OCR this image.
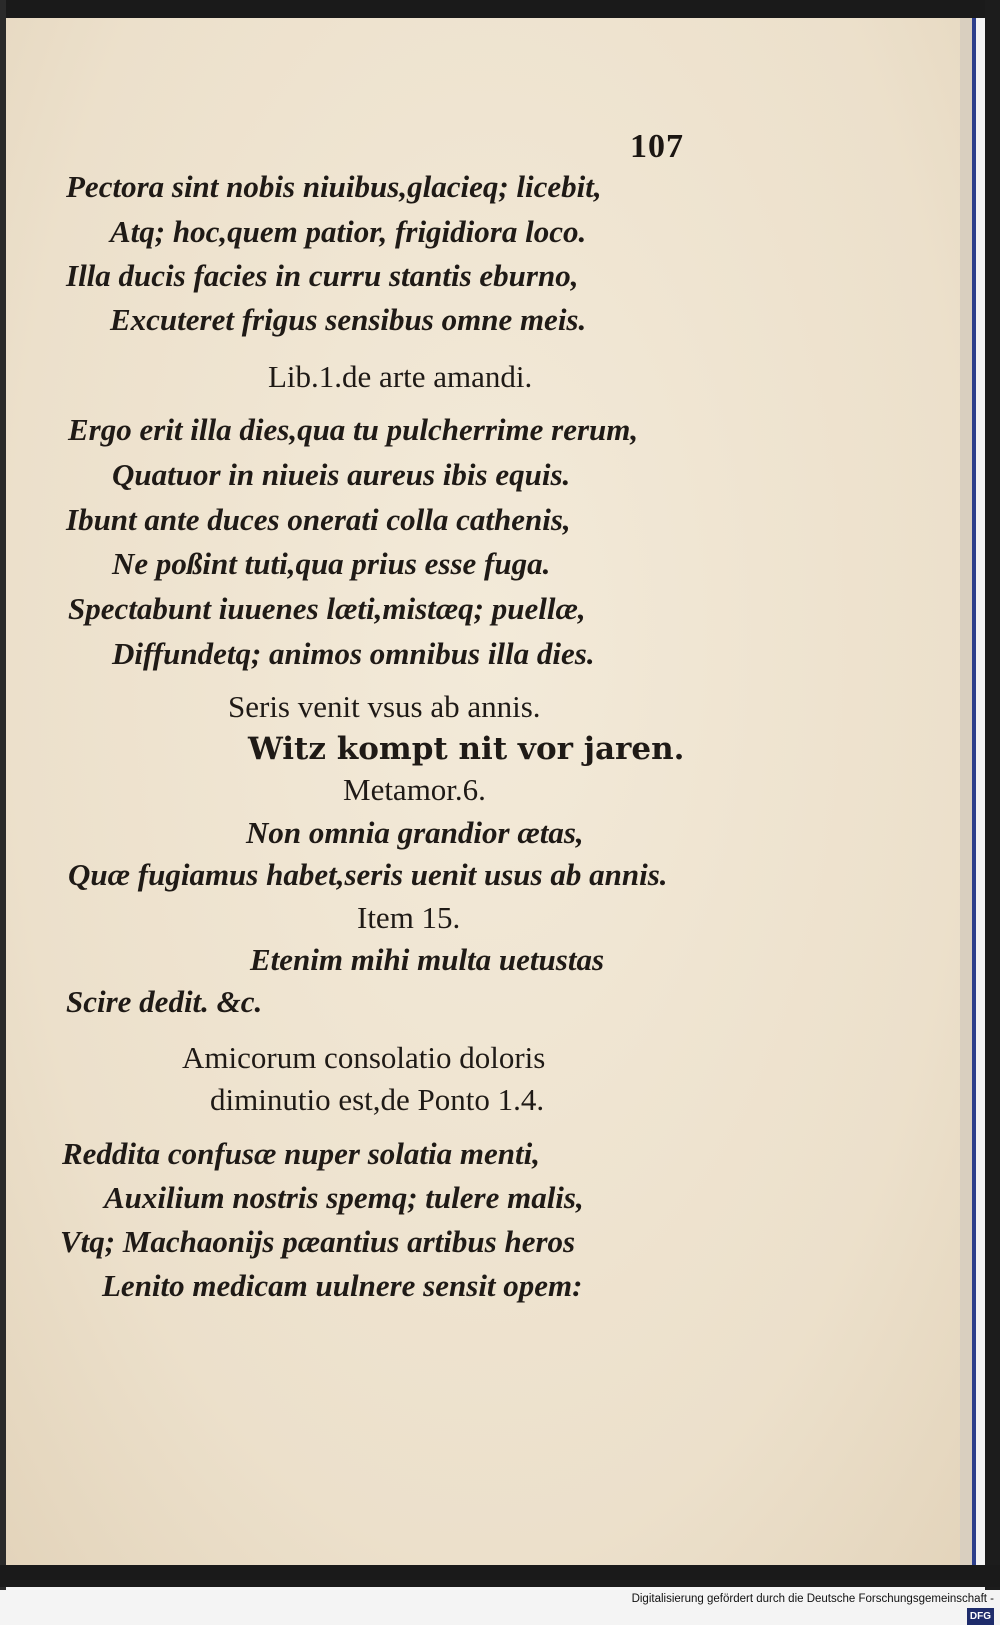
107
Pectora sint nobis niuibus,glacieq; licebit,
Atq; hoc,quem patior, frigidiora loco.
Illa ducis facies in curru stantis eburno,
Excuteret frigus sensibus omne meis.
Lib.1.de arte amandi.
Ergo erit illa dies,qua tu pulcherrime rerum,
Quatuor in niueis aureus ibis equis.
Ibunt ante duces onerati colla cathenis,
Ne poßint tuti,qua prius esse fuga.
Spectabunt iuuenes læti,mistæq; puellæ,
Diffundetq; animos omnibus illa dies.
Seris venit vsus ab annis.
Witz kompt nit vor jaren.
Metamor.6.
Non omnia grandior ætas,
Quæ fugiamus habet,seris uenit usus ab annis.
Item 15.
Etenim mihi multa uetustas
Scire dedit. &c.
Amicorum consolatio doloris
diminutio est,de Ponto 1.4.
Reddita confusæ nuper solatia menti,
Auxilium nostris spemq; tulere malis,
Vtq; Machaonijs pæantius artibus heros
Lenito medicam uulnere sensit opem:
Digitalisierung gefördert durch die Deutsche Forschungsgemeinschaft -DFG
